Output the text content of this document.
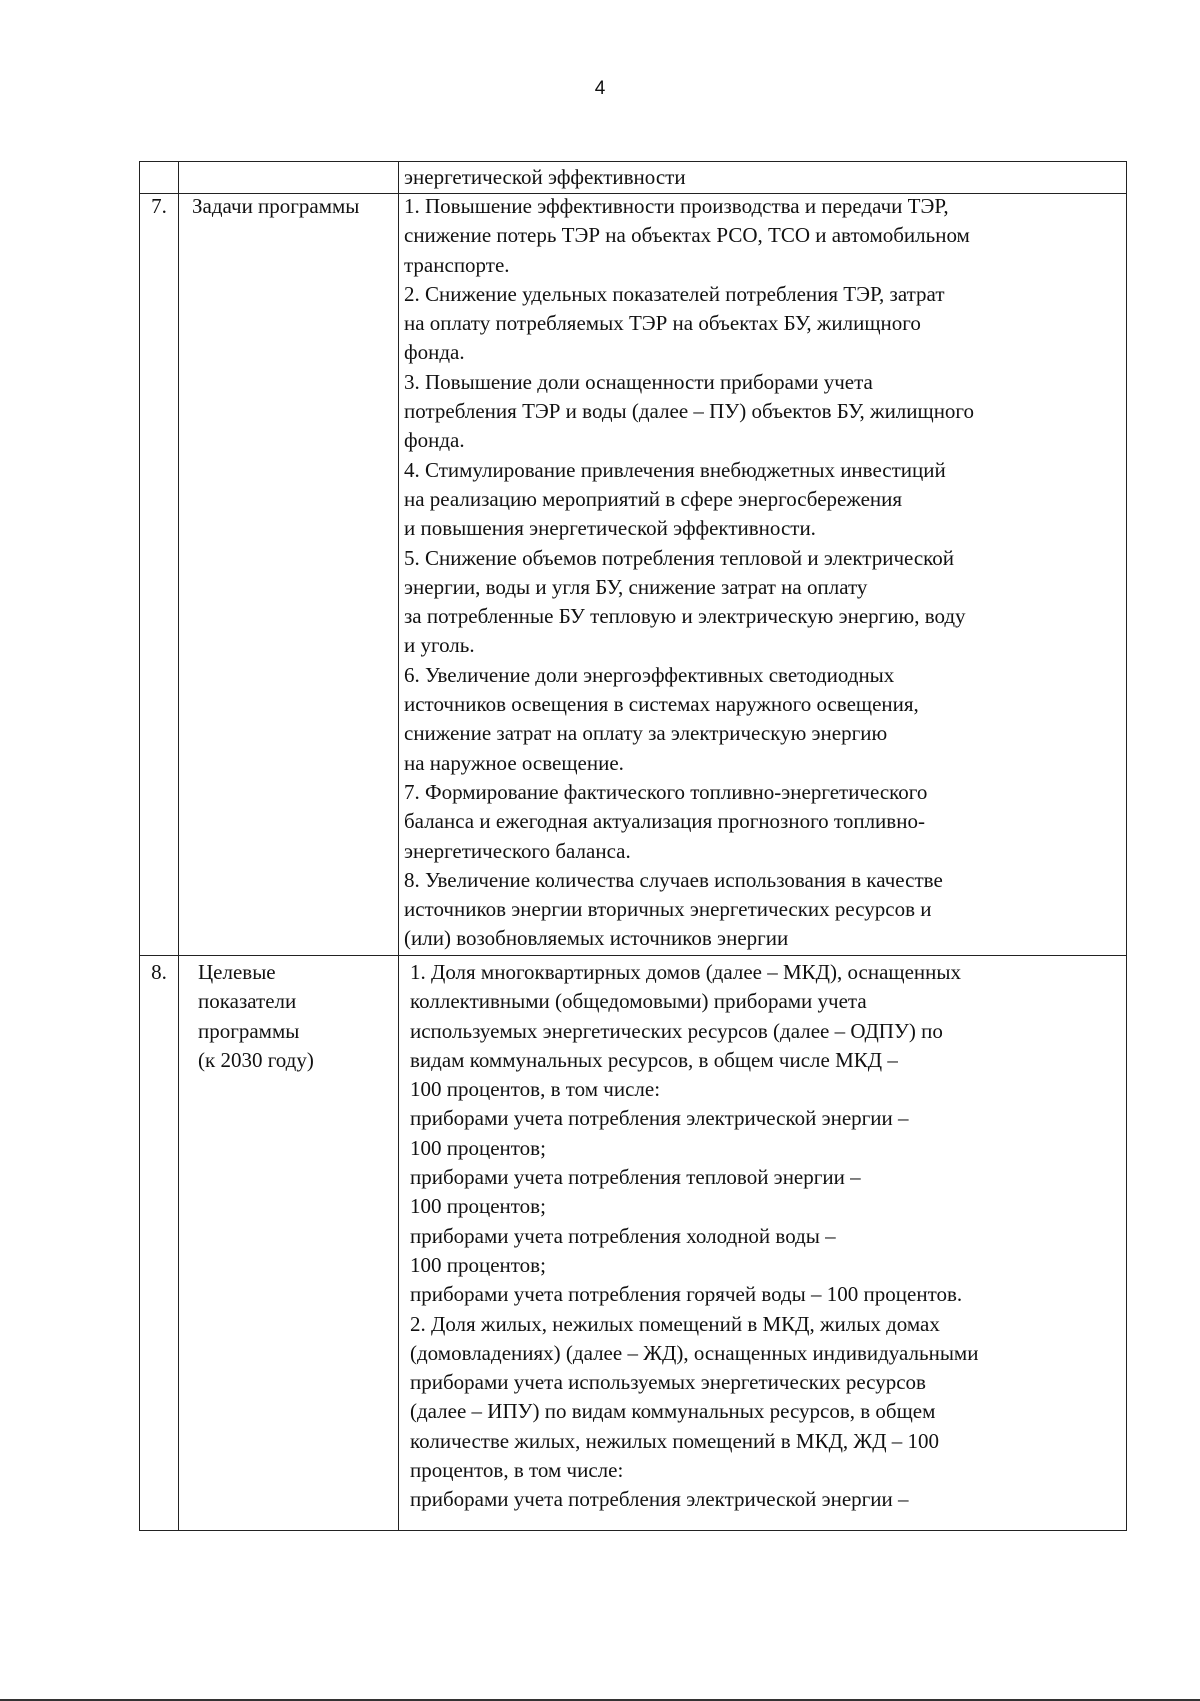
4
энергетической эффективности
7.	Задачи программы 1. Повышение эффективности производства и передачи ТЭР,
снижение потерь ТЭР на объектах РСО, ТСО и автомобильном
транспорте.
2. Снижение удельных показателей потребления ТЭР, затрат
на оплату потребляемых ТЭР на объектах БУ, жилищного
фонда.
3. Повышение доли оснащенности приборами учета
потребления ТЭР и воды (далее – ПУ) объектов БУ, жилищного
фонда.
4. Стимулирование привлечения внебюджетных инвестиций
на реализацию мероприятий в сфере энергосбережения
и повышения энергетической эффективности.
5. Снижение объемов потребления тепловой и электрической
энергии, воды и угля БУ, снижение затрат на оплату
за потребленные БУ тепловую и электрическую энергию, воду
и уголь.
6. Увеличение доли энергоэффективных светодиодных
источников освещения в системах наружного освещения,
снижение затрат на оплату за электрическую энергию
на наружное освещение.
7. Формирование фактического топливно-энергетического
баланса и ежегодная актуализация прогнозного топливно-
энергетического баланса.
8. Увеличение количества случаев использования в качестве
источников энергии вторичных энергетических ресурсов и
(или) возобновляемых источников энергии
8.	Целевые
показатели
программы
(к 2030 году)
1. Доля многоквартирных домов (далее – МКД), оснащенных
коллективными (общедомовыми) приборами учета
используемых энергетических ресурсов (далее – ОДПУ) по
видам коммунальных ресурсов, в общем числе МКД –
100 процентов, в том числе:
приборами учета потребления электрической энергии –
100 процентов;
приборами учета потребления тепловой энергии –
100 процентов;
приборами учета потребления холодной воды –
100 процентов;
приборами учета потребления горячей воды – 100 процентов.
2. Доля жилых, нежилых помещений в МКД, жилых домах
(домовладениях) (далее – ЖД), оснащенных индивидуальными
приборами учета используемых энергетических ресурсов
(далее – ИПУ) по видам коммунальных ресурсов, в общем
количестве жилых, нежилых помещений в МКД, ЖД – 100
процентов, в том числе:
приборами учета потребления электрической энергии –
